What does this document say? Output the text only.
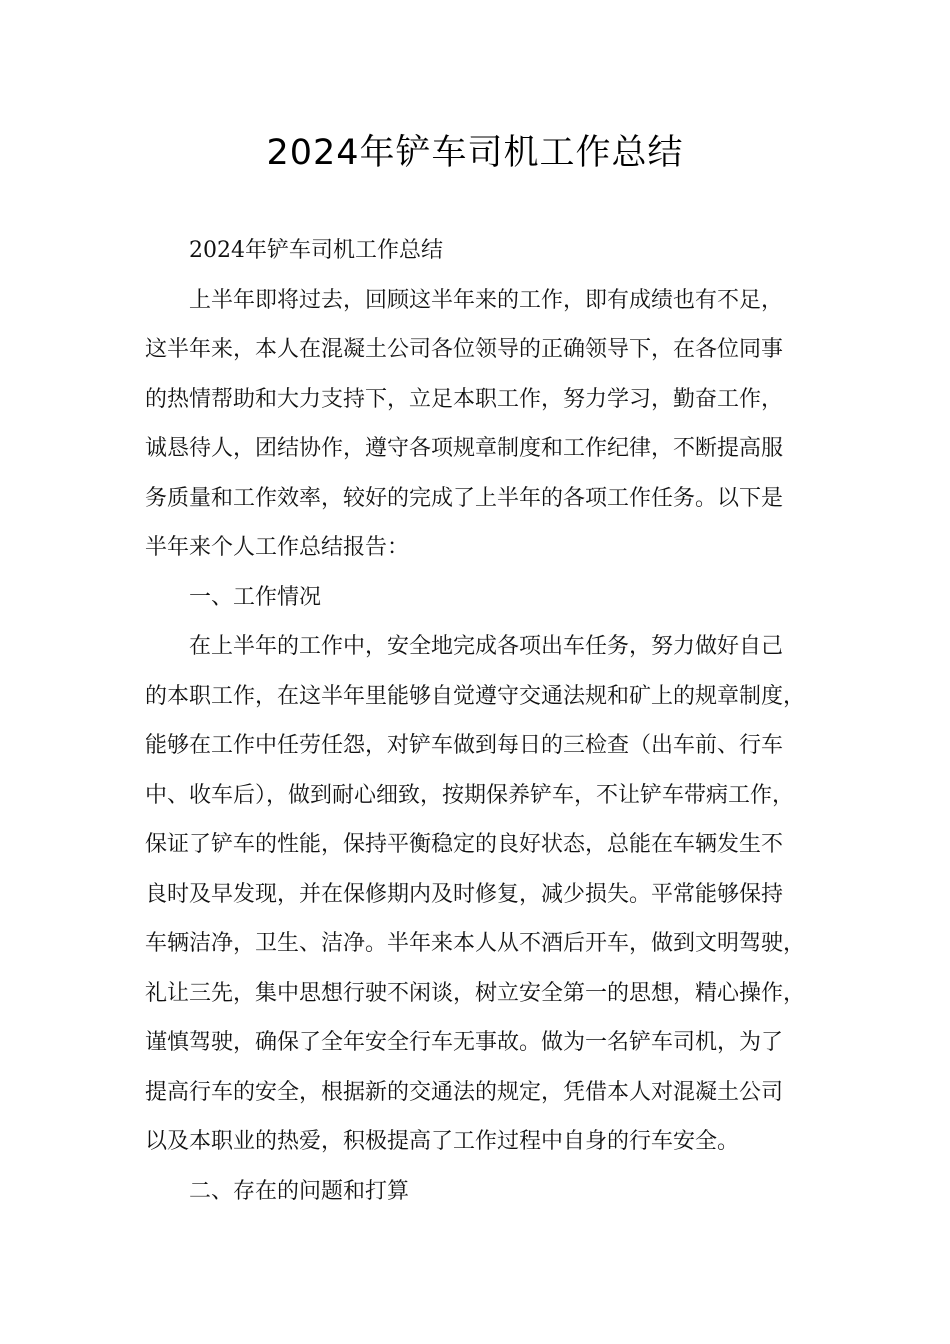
2024年铲车司机工作总结

2024年铲车司机工作总结

上半年即将过去，回顾这半年来的工作，即有成绩也有不足，
这半年来，本人在混凝土公司各位领导的正确领导下，在各位同事
的热情帮助和大力支持下，立足本职工作，努力学习，勤奋工作，
诚恳待人，团结协作，遵守各项规章制度和工作纪律，不断提高服
务质量和工作效率，较好的完成了上半年的各项工作任务。以下是
半年来个人工作总结报告：

一、工作情况

在上半年的工作中，安全地完成各项出车任务，努力做好自己
的本职工作，在这半年里能够自觉遵守交通法规和矿上的规章制度，
能够在工作中任劳任怨，对铲车做到每日的三检查（出车前、行车
中、收车后），做到耐心细致，按期保养铲车，不让铲车带病工作，
保证了铲车的性能，保持平衡稳定的良好状态，总能在车辆发生不
良时及早发现，并在保修期内及时修复，减少损失。平常能够保持
车辆洁净，卫生、洁净。半年来本人从不酒后开车，做到文明驾驶，
礼让三先，集中思想行驶不闲谈，树立安全第一的思想，精心操作，
谨慎驾驶，确保了全年安全行车无事故。做为一名铲车司机，为了
提高行车的安全，根据新的交通法的规定，凭借本人对混凝土公司
以及本职业的热爱，积极提高了工作过程中自身的行车安全。

二、存在的问题和打算
